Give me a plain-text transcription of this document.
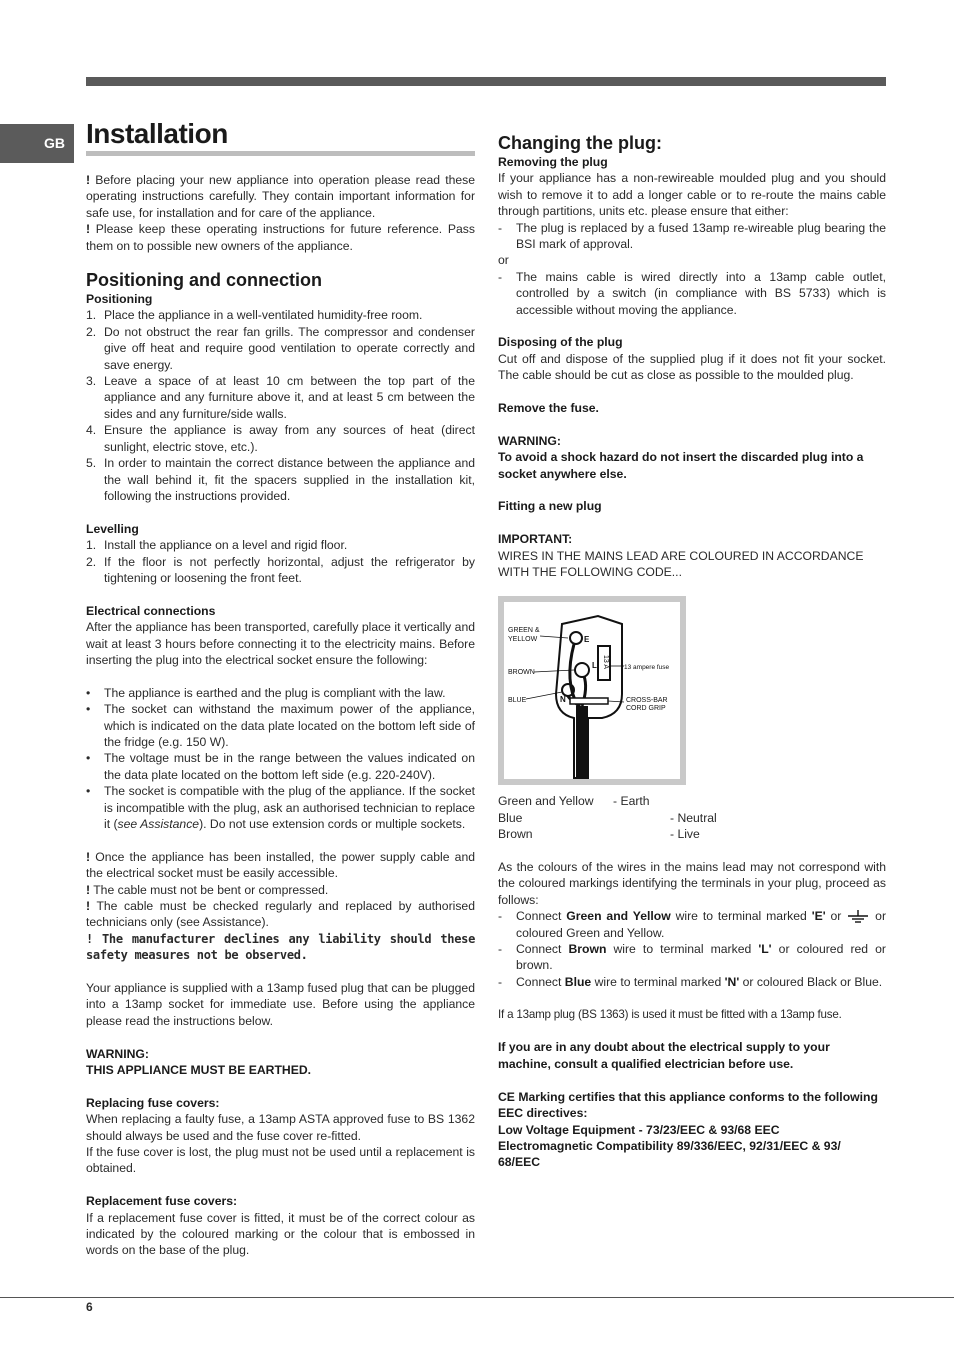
GB Installation

! Before placing your new appliance into operation please read these operating instructions carefully. They contain important information for safe use, for installation and for care of the appliance.

! Please keep these operating instructions for future reference. Pass them on to possible new owners of the appliance.

Positioning and connection

Positioning

1. Place the appliance in a well-ventilated humidity-free room.
2. Do not obstruct the rear fan grills. The compressor and condenser give off heat and require good ventilation to operate correctly and save energy.
3. Leave a space of at least 10 cm between the top part of the appliance and any furniture above it, and at least 5 cm between the sides and any furniture/side walls.
4. Ensure the appliance is away from any sources of heat (direct sunlight, electric stove, etc.).
5. In order to maintain the correct distance between the appliance and the wall behind it, fit the spacers supplied in the installation kit, following the instructions provided.

Levelling

1. Install the appliance on a level and rigid floor.
2. If the floor is not perfectly horizontal, adjust the refrigerator by tightening or loosening the front feet.

Electrical connections

After the appliance has been transported, carefully place it vertically and wait at least 3 hours before connecting it to the electricity mains. Before inserting the plug into the electrical socket ensure the following:

• The appliance is earthed and the plug is compliant with the law.
• The socket can withstand the maximum power of the appliance, which is indicated on the data plate located on the bottom left side of the fridge (e.g. 150 W).
• The voltage must be in the range between the values indicated on the data plate located on the bottom left side (e.g. 220-240V).
• The socket is compatible with the plug of the appliance. If the socket is incompatible with the plug, ask an authorised technician to replace it (see Assistance). Do not use extension cords or multiple sockets.

! Once the appliance has been installed, the power supply cable and the electrical socket must be easily accessible.

! The cable must not be bent or compressed.

! The cable must be checked regularly and replaced by authorised technicians only (see Assistance).

! The manufacturer declines any liability should these safety measures not be observed.

Your appliance is supplied with a 13amp fused plug that can be plugged into a 13amp socket for immediate use. Before using the appliance please read the instructions below.

WARNING:

THIS APPLIANCE MUST BE EARTHED.

Replacing fuse covers:

When replacing a faulty fuse, a 13amp ASTA approved fuse to BS 1362 should always be used and the fuse cover re-fitted.

If the fuse cover is lost, the plug must not be used until a replacement is obtained.

Replacement fuse covers:

If a replacement fuse cover is fitted, it must be of the correct colour as indicated by the coloured marking or the colour that is embossed in words on the base of the plug.

Changing the plug:

Removing the plug

If your appliance has a non-rewireable moulded plug and you should wish to remove it to add a longer cable or to re-route the mains cable through partitions, units etc. please ensure that either:

- The plug is replaced by a fused 13amp re-wireable plug bearing the BSI mark of approval.

or

- The mains cable is wired directly into a 13amp cable outlet, controlled by a switch (in compliance with BS 5733) which is accessible without moving the appliance.

Disposing of the plug

Cut off and dispose of the supplied plug if it does not fit your socket. The cable should be cut as close as possible to the moulded plug.

Remove the fuse.

WARNING:

To avoid a shock hazard do not insert the discarded plug into a socket anywhere else.

Fitting a new plug

IMPORTANT:

WIRES IN THE MAINS LEAD ARE COLOURED IN ACCORDANCE WITH THE FOLLOWING CODE...

13 A
GREEN &
YELLOW
BROWN
BLUE
13 ampere fuse
CROSS-BAR
CORD GRIP
E
L
N
Green and Yellow - Earth
Blue	- Neutral
Brown	- Live

As the colours of the wires in the mains lead may not correspond with the coloured markings identifying the terminals in your plug, proceed as follows:

- Connect Green and Yellow wire to terminal marked 'E' or  or coloured Green and Yellow.
- Connect Brown wire to terminal marked 'L' or coloured red or brown.
- Connect Blue wire to terminal marked 'N' or coloured Black or Blue.

If a 13amp plug (BS 1363) is used it must be fitted with a 13amp fuse.

If you are in any doubt about the electrical supply to your machine, consult a qualified electrician before use.

CE Marking certifies that this appliance conforms to the following EEC directives:

Low Voltage Equipment - 73/23/EEC & 93/68 EEC

Electromagnetic Compatibility 89/336/EEC, 92/31/EEC & 93/ 68/EEC

6
